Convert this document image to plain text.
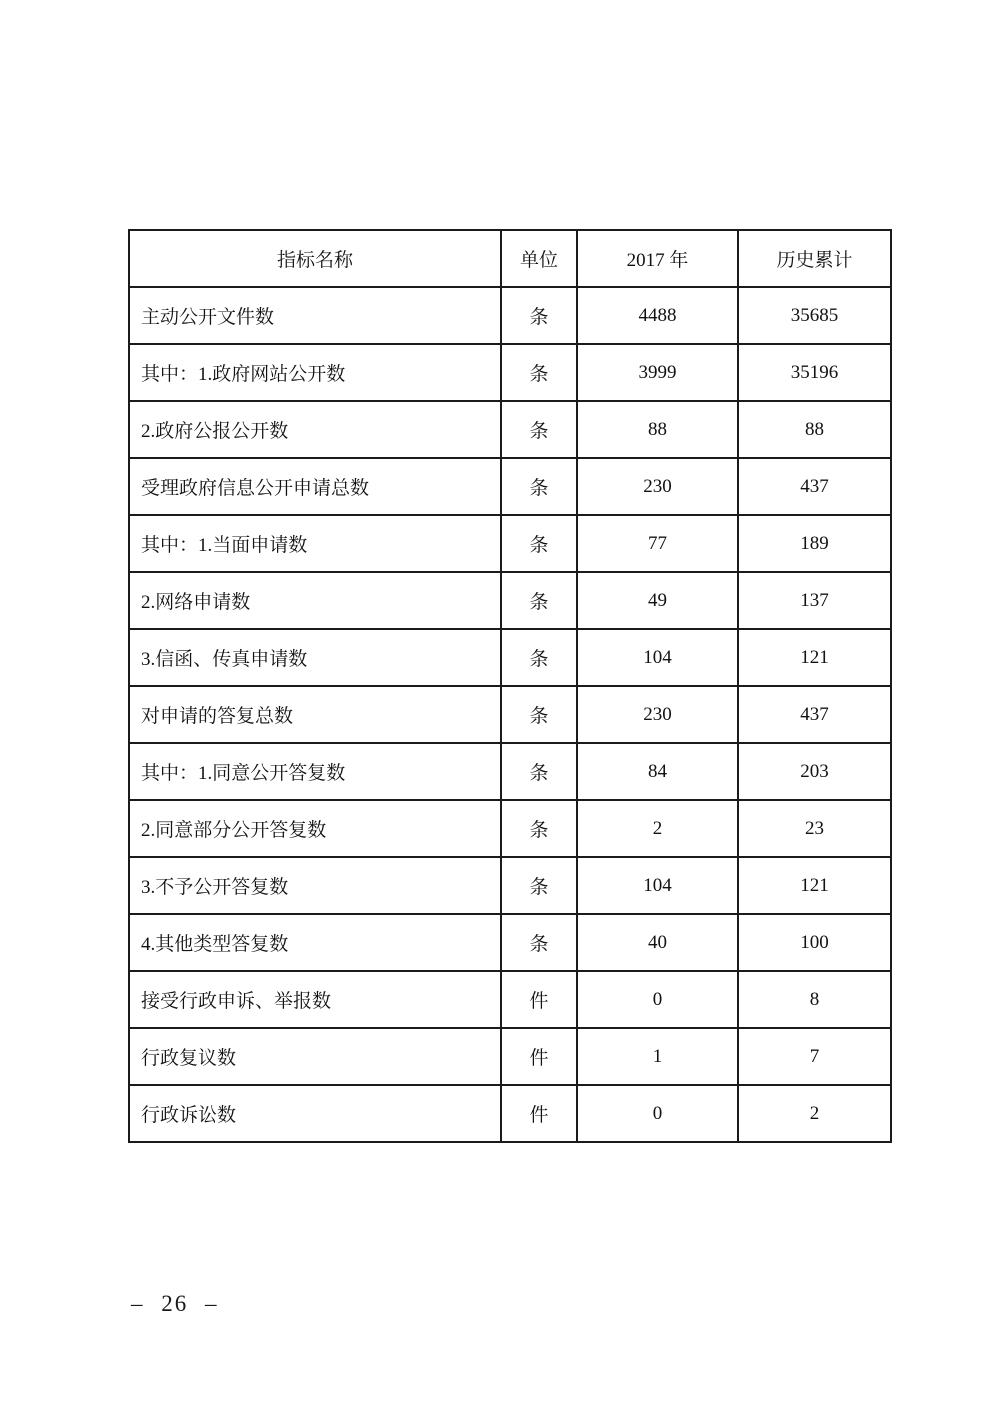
指标名称	单位	2017 年	历史累计
主动公开文件数	条	4488	35685
其中：1.政府网站公开数	条	3999	35196
2.政府公报公开数	条	88	88
受理政府信息公开申请总数	条	230	437
其中：1.当面申请数	条	77	189
2.网络申请数	条	49	137
3.信函、传真申请数	条	104	121
对申请的答复总数	条	230	437
其中：1.同意公开答复数	条	84	203
2.同意部分公开答复数	条	2	23
3.不予公开答复数	条	104	121
4.其他类型答复数	条	40	100
接受行政申诉、举报数	件	0	8
行政复议数	件	1	7
行政诉讼数	件	0	2
– 26 –
